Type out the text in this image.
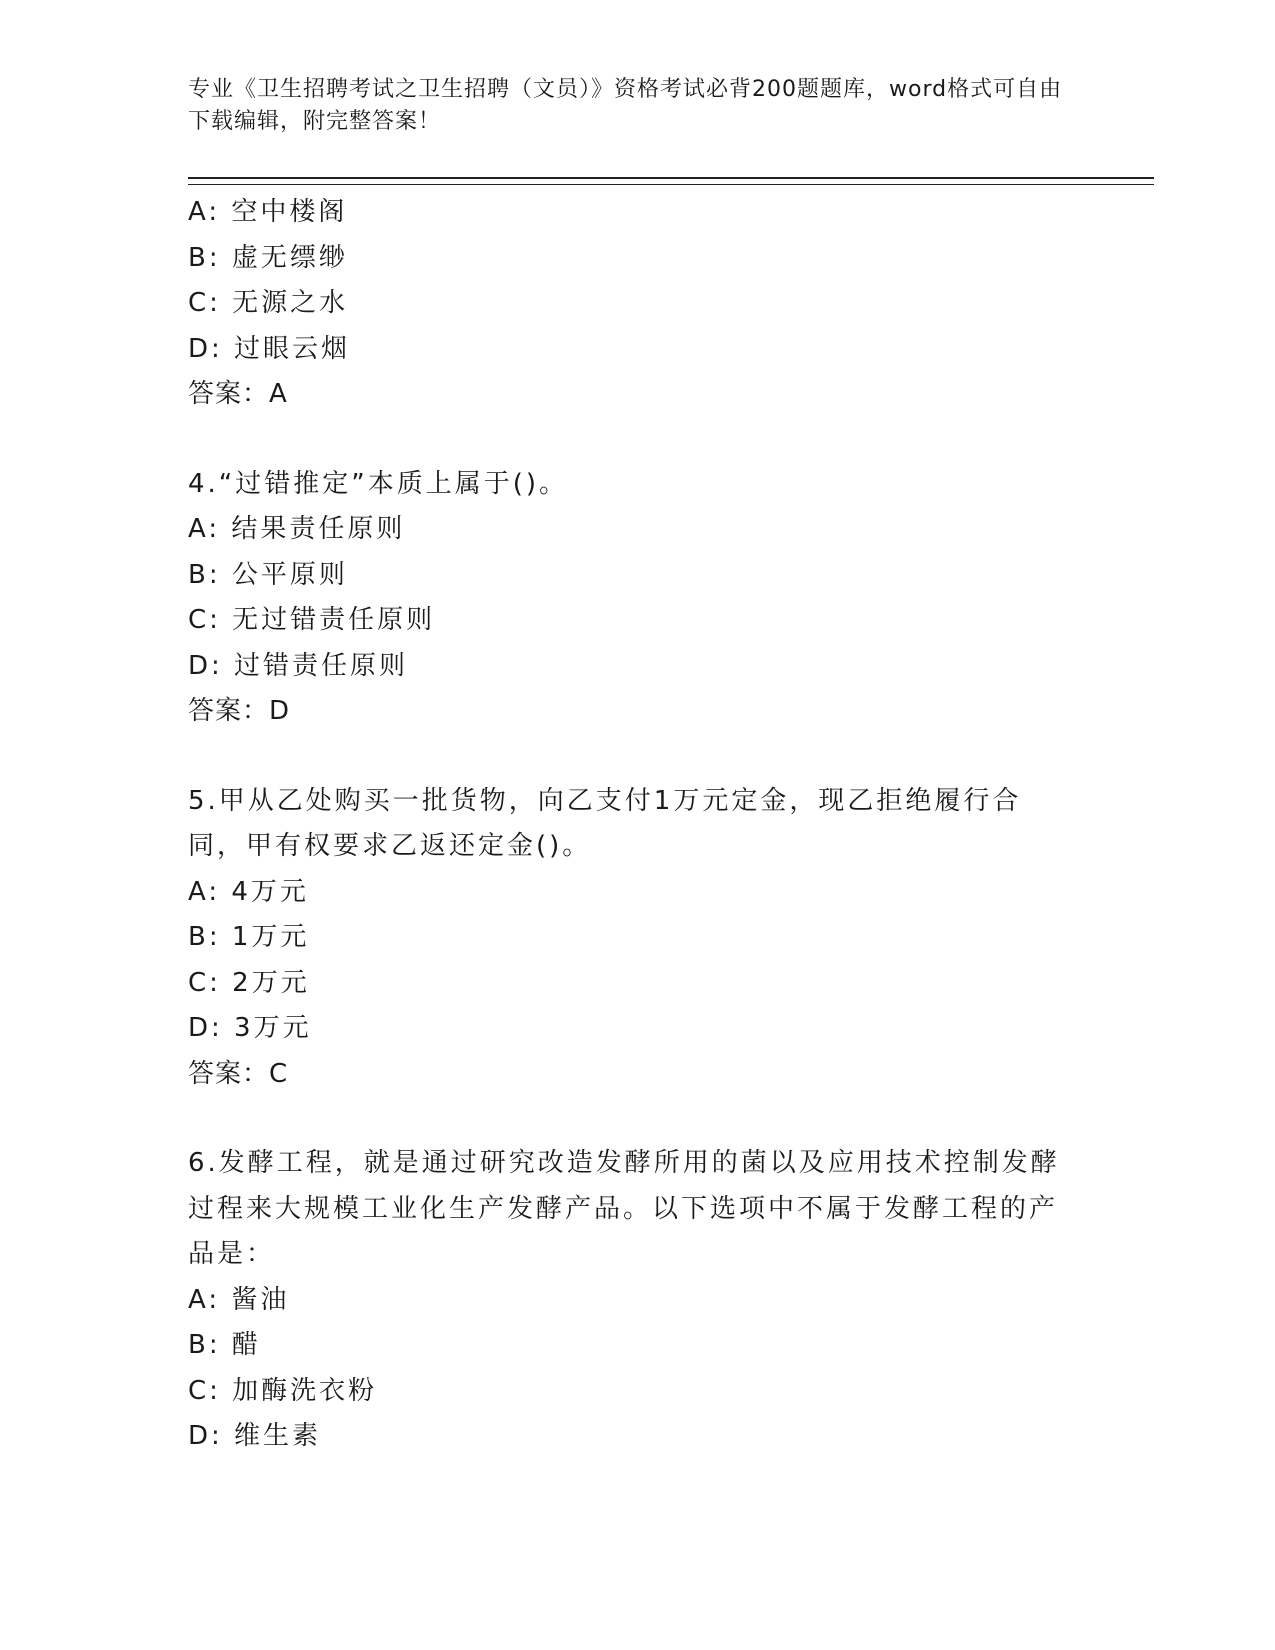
专业《卫生招聘考试之卫生招聘（文员）》资格考试必背200题题库，word格式可自由下载编辑，附完整答案！
A: 空中楼阁
B: 虚无缥缈
C: 无源之水
D: 过眼云烟
答案：A
4.“过错推定”本质上属于()。
A: 结果责任原则
B: 公平原则
C: 无过错责任原则
D: 过错责任原则
答案：D
5.甲从乙处购买一批货物，向乙支付1万元定金，现乙拒绝履行合同，甲有权要求乙返还定金()。
A: 4万元
B: 1万元
C: 2万元
D: 3万元
答案：C
6.发酵工程，就是通过研究改造发酵所用的菌以及应用技术控制发酵过程来大规模工业化生产发酵产品。以下选项中不属于发酵工程的产品是：
A: 酱油
B: 醋
C: 加酶洗衣粉
D: 维生素
